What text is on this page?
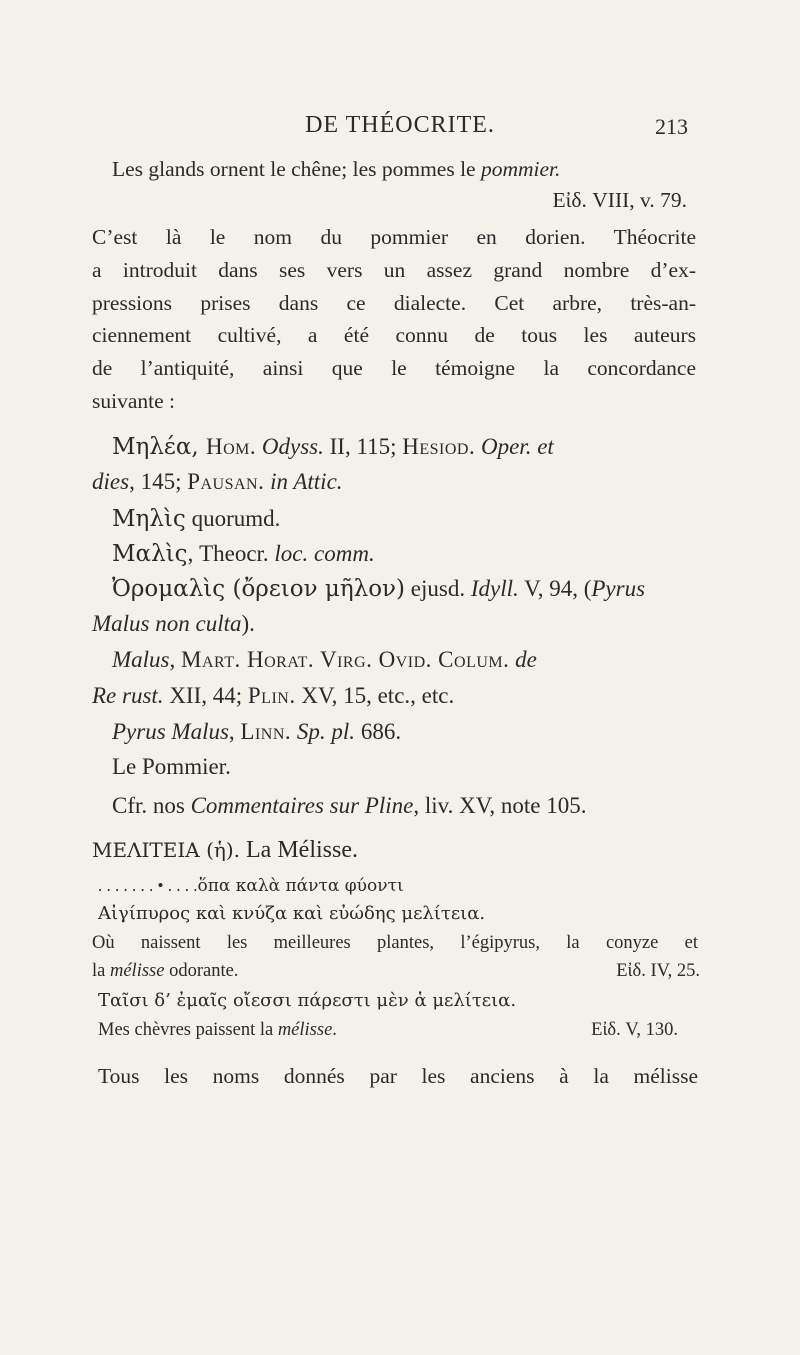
DE THÉOCRITE.	213
Les glands ornent le chêne; les pommes le pommier.
Εἰδ. VIII, v. 79.
C’est là le nom du pommier en dorien. Théocrite
a introduit dans ses vers un assez grand nombre d’ex-
pressions prises dans ce dialecte. Cet arbre, très-an-
ciennement cultivé, a été connu de tous les auteurs
de l’antiquité, ainsi que le témoigne la concordance
suivante :
Μηλέα, Hom. Odyss. II, 115; Hesiod. Oper. et
dies, 145; Pausan. in Attic.
Μηλὶς quorumd.
Μαλὶς, Theocr. loc. comm.
Ὀρομαλὶς (ὄρειον μῆλον) ejusd. Idyll. V, 94, (Pyrus
Malus non culta).
Malus, Mart. Horat. Virg. Ovid. Colum. de
Re rust. XII, 44; Plin. XV, 15, etc., etc.
Pyrus Malus, Linn. Sp. pl. 686.
Le Pommier.
Cfr. nos Commentaires sur Pline, liv. XV, note 105.
ΜΕΛΙΤΕΙΑ (ἡ). La Mélisse.
. . . . . . . • . . . .ὅπα καλὰ πάντα φύοντι
Αἰγίπυρος καὶ κνύζα καὶ εὐώδης μελίτεια.
Où naissent les meilleures plantes, l’égipyrus, la conyze et
la mélisse odorante.	Εἰδ. IV, 25.
Ταῖσι δ’ ἐμαῖς οἴεσσι πάρεστι μὲν ἁ μελίτεια.
Mes chèvres paissent la mélisse.	Εἰδ. V, 130.
Tous les noms donnés par les anciens à la mélisse
